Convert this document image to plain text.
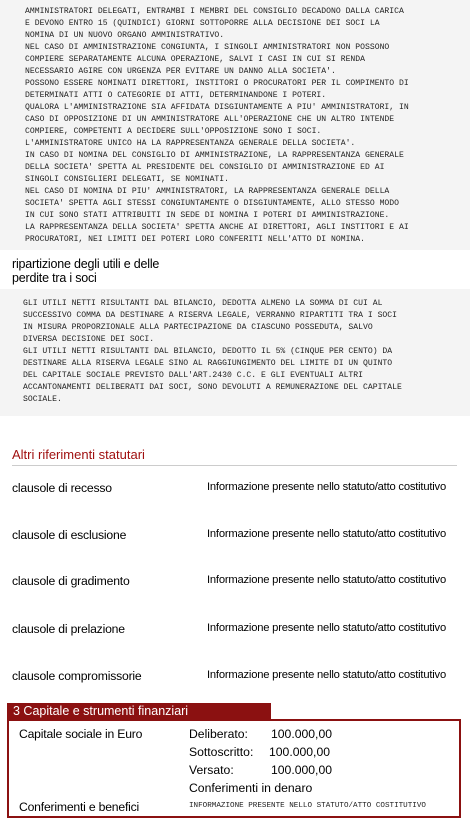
AMMINISTRATORI DELEGATI, ENTRAMBI I MEMBRI DEL CONSIGLIO DECADONO DALLA CARICA

E DEVONO ENTRO 15 (QUINDICI) GIORNI SOTTOPORRE ALLA DECISIONE DEI SOCI LA

NOMINA DI UN NUOVO ORGANO AMMINISTRATIVO.

NEL CASO DI AMMINISTRAZIONE CONGIUNTA, I SINGOLI AMMINISTRATORI NON POSSONO

COMPIERE SEPARATAMENTE ALCUNA OPERAZIONE, SALVI I CASI IN CUI SI RENDA

NECESSARIO AGIRE CON URGENZA PER EVITARE UN DANNO ALLA SOCIETA'.

POSSONO ESSERE NOMINATI DIRETTORI, INSTITORI O PROCURATORI PER IL COMPIMENTO DI

DETERMINATI ATTI O CATEGORIE DI ATTI, DETERMINANDONE I POTERI.

QUALORA L'AMMINISTRAZIONE SIA AFFIDATA DISGIUNTAMENTE A PIU' AMMINISTRATORI, IN

CASO DI OPPOSIZIONE DI UN AMMINISTRATORE ALL'OPERAZIONE CHE UN ALTRO INTENDE

COMPIERE, COMPETENTI A DECIDERE SULL'OPPOSIZIONE SONO I SOCI.

L'AMMINISTRATORE UNICO HA LA RAPPRESENTANZA GENERALE DELLA SOCIETA'.

IN CASO DI NOMINA DEL CONSIGLIO DI AMMINISTRAZIONE, LA RAPPRESENTANZA GENERALE

DELLA SOCIETA' SPETTA AL PRESIDENTE DEL CONSIGLIO DI AMMINISTRAZIONE ED AI

SINGOLI CONSIGLIERI DELEGATI, SE NOMINATI.

NEL CASO DI NOMINA DI PIU' AMMINISTRATORI, LA RAPPRESENTANZA GENERALE DELLA

SOCIETA' SPETTA AGLI STESSI CONGIUNTAMENTE O DISGIUNTAMENTE, ALLO STESSO MODO

IN CUI SONO STATI ATTRIBUITI IN SEDE DI NOMINA I POTERI DI AMMINISTRAZIONE.

LA RAPPRESENTANZA DELLA SOCIETA' SPETTA ANCHE AI DIRETTORI, AGLI INSTITORI E AI

PROCURATORI, NEI LIMITI DEI POTERI LORO CONFERITI NELL'ATTO DI NOMINA.

ripartizione degli utili e delle
perdite tra i soci

GLI UTILI NETTI RISULTANTI DAL BILANCIO, DEDOTTA ALMENO LA SOMMA DI CUI AL

SUCCESSIVO COMMA DA DESTINARE A RISERVA LEGALE, VERRANNO RIPARTITI TRA I SOCI

IN MISURA PROPORZIONALE ALLA PARTECIPAZIONE DA CIASCUNO POSSEDUTA, SALVO

DIVERSA DECISIONE DEI SOCI.

GLI UTILI NETTI RISULTANTI DAL BILANCIO, DEDOTTO IL 5% (CINQUE PER CENTO) DA

DESTINARE ALLA RISERVA LEGALE SINO AL RAGGIUNGIMENTO DEL LIMITE DI UN QUINTO

DEL CAPITALE SOCIALE PREVISTO DALL'ART.2430 C.C. E GLI EVENTUALI ALTRI

ACCANTONAMENTI DELIBERATI DAI SOCI, SONO DEVOLUTI A REMUNERAZIONE DEL CAPITALE

SOCIALE.

Altri riferimenti statutari
clausole di recesso	Informazione presente nello statuto/atto costitutivo
clausole di esclusione	Informazione presente nello statuto/atto costitutivo
clausole di gradimento	Informazione presente nello statuto/atto costitutivo
clausole di prelazione	Informazione presente nello statuto/atto costitutivo
clausole compromissorie	Informazione presente nello statuto/atto costitutivo
3 Capitale e strumenti finanziari
Capitale sociale in Euro	Deliberato: 100.000,00
Sottoscritto: 100.000,00
Versato:	100.000,00
Conferimenti in denaro
Conferimenti e benefici	INFORMAZIONE PRESENTE NELLO STATUTO/ATTO COSTITUTIVO
